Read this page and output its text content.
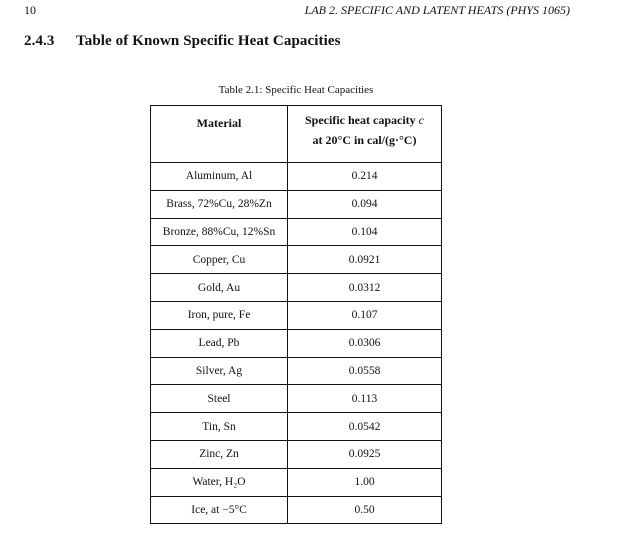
10	LAB 2. SPECIFIC AND LATENT HEATS (PHYS 1065)
2.4.3 Table of Known Specific Heat Capacities
Table 2.1: Specific Heat Capacities
Material	Specific heat capacity c
at 20°C in cal/(g·°C)
Aluminum, Al	0.214
Brass, 72%Cu, 28%Zn	0.094
Bronze, 88%Cu, 12%Sn	0.104
Copper, Cu	0.0921
Gold, Au	0.0312
Iron, pure, Fe	0.107
Lead, Pb	0.0306
Silver, Ag	0.0558
Steel	0.113
Tin, Sn	0.0542
Zinc, Zn	0.0925
Water, H₂O	1.00
Ice, at −5°C	0.50
